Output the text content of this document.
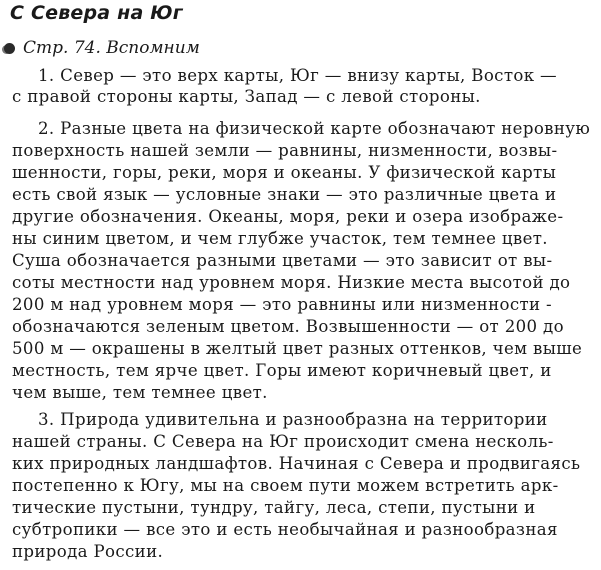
С Севера на Юг
Стр. 74. Вспомним
1. Север — это верх карты, Юг — внизу карты, Восток —
с правой стороны карты, Запад — с левой стороны.
2. Разные цвета на физической карте обозначают неровную
поверхность нашей земли — равнины, низменности, возвы-
шенности, горы, реки, моря и океаны. У физической карты
есть свой язык — условные знаки — это различные цвета и
другие обозначения. Океаны, моря, реки и озера изображе-
ны синим цветом, и чем глубже участок, тем темнее цвет.
Суша обозначается разными цветами — это зависит от вы-
соты местности над уровнем моря. Низкие места высотой до
200 м над уровнем моря — это равнины или низменности -
обозначаются зеленым цветом. Возвышенности — от 200 до
500 м — окрашены в желтый цвет разных оттенков, чем выше
местность, тем ярче цвет. Горы имеют коричневый цвет, и
чем выше, тем темнее цвет.
3. Природа удивительна и разнообразна на территории
нашей страны. С Севера на Юг происходит смена несколь-
ких природных ландшафтов. Начиная с Севера и продвигаясь
постепенно к Югу, мы на своем пути можем встретить арк-
тические пустыни, тундру, тайгу, леса, степи, пустыни и
субтропики — все это и есть необычайная и разнообразная
природа России.
